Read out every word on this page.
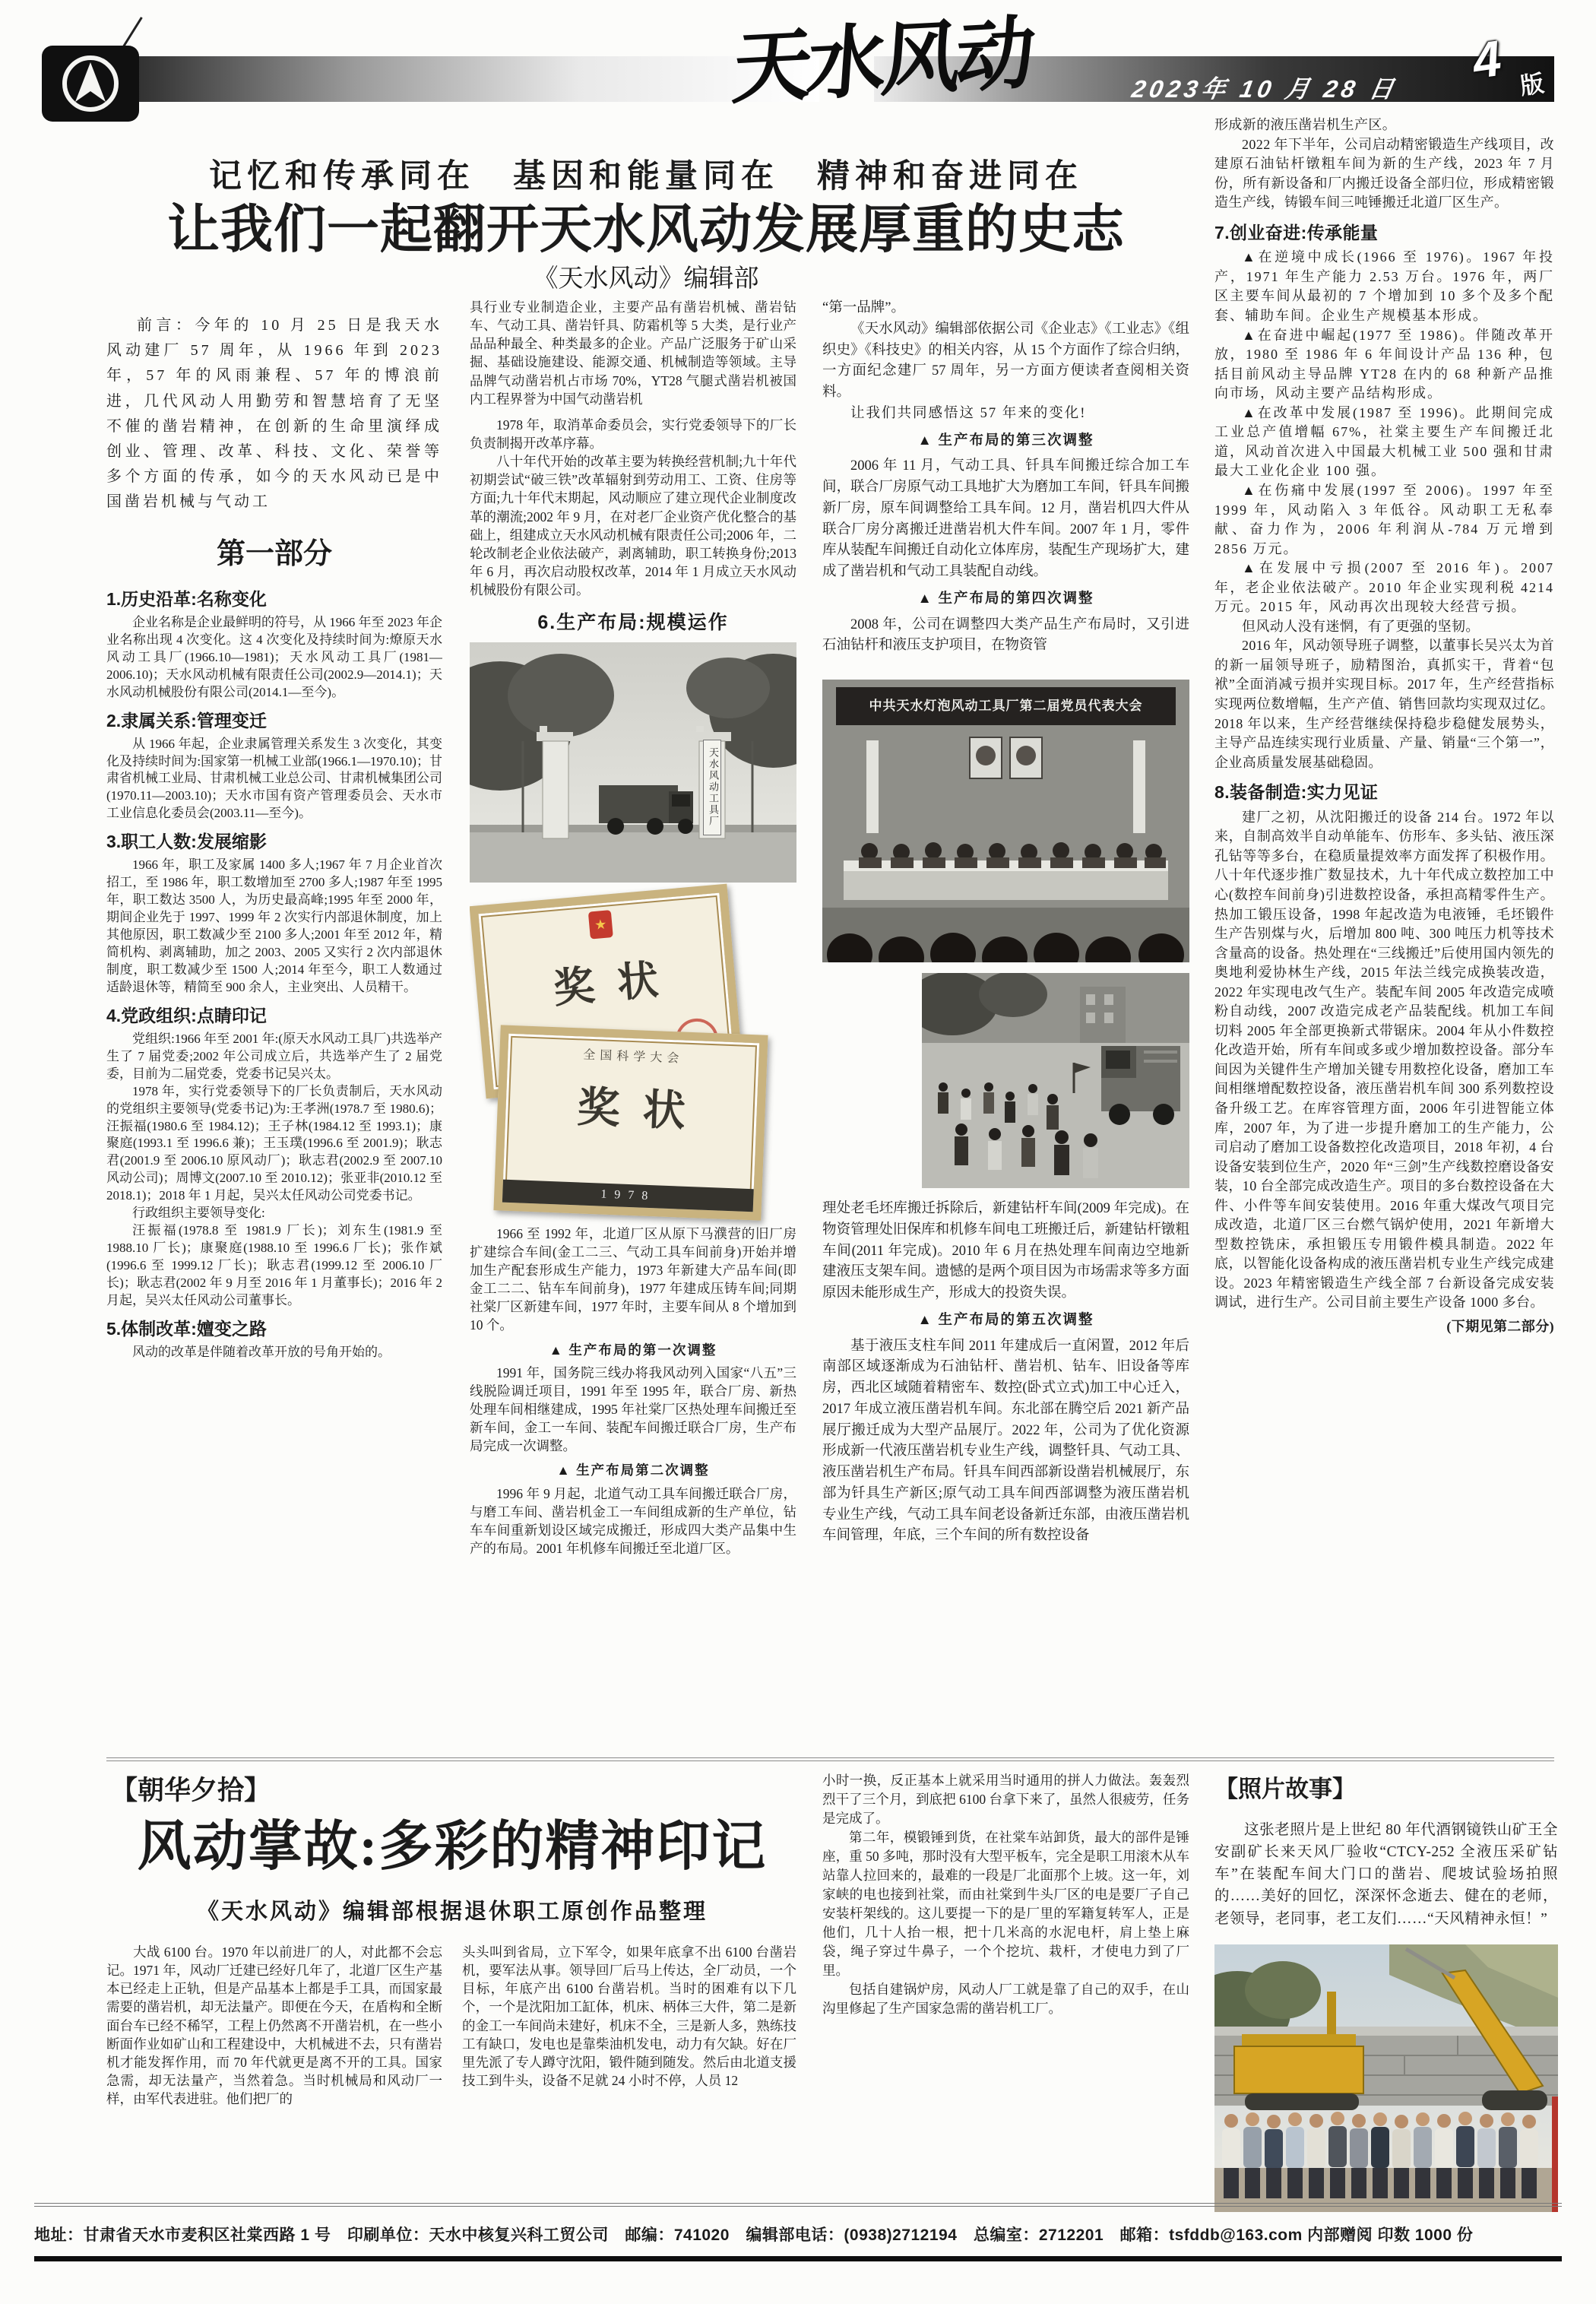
天水风动	2023年 10 月 28 日	4 版
记忆和传承同在　基因和能量同在　精神和奋进同在
让我们一起翻开天水风动发展厚重的史志
《天水风动》编辑部

前言：今年的 10 月 25 日是我天水风动建厂 57 周年，从 1966 年到 2023 年，57 年的风雨兼程、57 年的博浪前进，几代风动人用勤劳和智慧培育了无坚不催的凿岩精神，在创新的生命里演绎成创业、管理、改革、科技、文化、荣誉等多个方面的传承，如今的天水风动已是中国凿岩机械与气动工

第一部分
1.历史沿革:名称变化

企业名称是企业最鲜明的符号，从 1966 年至 2023 年企业名称出现 4 次变化。这 4 次变化及持续时间为:燎原天水风动工具厂(1966.10—1981)；天水风动工具厂(1981—2006.10)；天水风动机械有限责任公司(2002.9—2014.1)；天水风动机械股份有限公司(2014.1—至今)。

2.隶属关系:管理变迁

从 1966 年起，企业隶属管理关系发生 3 次变化，其变化及持续时间为:国家第一机械工业部(1966.1—1970.10)；甘肃省机械工业局、甘肃机械工业总公司、甘肃机械集团公司(1970.11—2003.10)；天水市国有资产管理委员会、天水市工业信息化委员会(2003.11—至今)。

3.职工人数:发展缩影

1966 年，职工及家属 1400 多人;1967 年 7 月企业首次招工，至 1986 年，职工数增加至 2700 多人;1987 年至 1995 年，职工数达 3500 人，为历史最高峰;1995 年至 2000 年，期间企业先于 1997、1999 年 2 次实行内部退休制度，加上其他原因，职工数减少至 2100 多人;2001 年至 2012 年，精简机构、剥离辅助，加之 2003、2005 又实行 2 次内部退休制度，职工数减少至 1500 人;2014 年至今，职工人数通过适龄退休等，精简至 900 余人，主业突出、人员精干。

4.党政组织:点睛印记

党组织:1966 年至 2001 年:(原天水风动工具厂)共选举产生了 7 届党委;2002 年公司成立后，共选举产生了 2 届党委，目前为二届党委，党委书记吴兴太。

1978 年，实行党委领导下的厂长负责制后，天水风动的党组织主要领导(党委书记)为:王孝洲(1978.7 至 1980.6)；汪振福(1980.6 至 1984.12)；王子林(1984.12 至 1993.1)；康聚庭(1993.1 至 1996.6 兼)；王玉璞(1996.6 至 2001.9)；耿志君(2001.9 至 2006.10 原风动厂)；耿志君(2002.9 至 2007.10 风动公司)；周博文(2007.10 至 2010.12)；张亚非(2010.12 至 2018.1)；2018 年 1 月起，吴兴太任风动公司党委书记。

行政组织主要领导变化:

汪振福(1978.8 至 1981.9 厂长)；刘东生(1981.9 至 1988.10 厂长)；康聚庭(1988.10 至 1996.6 厂长)；张作斌(1996.6 至 1999.12 厂长)；耿志君(1999.12 至 2006.10 厂长)；耿志君(2002 年 9 月至 2016 年 1 月董事长)；2016 年 2 月起，吴兴太任风动公司董事长。

5.体制改革:嬗变之路

风动的改革是伴随着改革开放的号角开始的。

具行业专业制造企业，主要产品有凿岩机械、凿岩钻车、气动工具、凿岩钎具、防霜机等 5 大类，是行业产品品种最全、种类最多的企业。产品广泛服务于矿山采掘、基础设施建设、能源交通、机械制造等领域。主导品牌气动凿岩机占市场 70%，YT28 气腿式凿岩机被国内工程界誉为中国气动凿岩机

1978 年，取消革命委员会，实行党委领导下的厂长负责制揭开改革序幕。

八十年代开始的改革主要为转换经营机制;九十年代初期尝试“破三铁”改革辐射到劳动用工、工资、住房等方面;九十年代末期起，风动顺应了建立现代企业制度改革的潮流;2002 年 9 月，在对老厂企业资产优化整合的基础上，组建成立天水风动机械有限责任公司;2006 年，二轮改制老企业依法破产，剥离辅助，职工转换身份;2013 年 6 月，再次启动股权改革，2014 年 1 月成立天水风动机械股份有限公司。

6.生产布局:规模运作
天水风动工具厂
★
奖状
全国科学大会
奖状
1978

1966 至 1992 年，北道厂区从原下马濮营的旧厂房扩建综合车间(金工二三、气动工具车间前身)开始并增加生产配套形成生产能力，1973 年新建大产品车间(即金工二二、钻车车间前身)，1977 年建成压铸车间;同期社棠厂区新建车间，1977 年时，主要车间从 8 个增加到 10 个。

▲ 生产布局的第一次调整

1991 年，国务院三线办将我风动列入国家“八五”三线脱险调迁项目，1991 年至 1995 年，联合厂房、新热处理车间相继建成，1995 年社棠厂区热处理车间搬迁至新车间，金工一车间、装配车间搬迁联合厂房，生产布局完成一次调整。

▲ 生产布局第二次调整

1996 年 9 月起，北道气动工具车间搬迁联合厂房，与磨工车间、凿岩机金工一车间组成新的生产单位，钻车车间重新划设区域完成搬迁，形成四大类产品集中生产的布局。2001 年机修车间搬迁至北道厂区。

“第一品牌”。

《天水风动》编辑部依据公司《企业志》《工业志》《组织史》《科技史》的相关内容，从 15 个方面作了综合归纳，一方面纪念建厂 57 周年，另一方面方便读者查阅相关资料。

让我们共同感悟这 57 年来的变化!

▲ 生产布局的第三次调整

2006 年 11 月，气动工具、钎具车间搬迁综合加工车间，联合厂房原气动工具地扩大为磨加工车间，钎具车间搬新厂房，原车间调整给工具车间。12 月，凿岩机四大件从联合厂房分离搬迁进凿岩机大件车间。2007 年 1 月，零件库从装配车间搬迁自动化立体库房，装配生产现场扩大，建成了凿岩机和气动工具装配自动线。

▲ 生产布局的第四次调整

2008 年，公司在调整四大类产品生产布局时，又引进石油钻杆和液压支护项目，在物资管

中共天水灯泡风动工具厂第二届党员代表大会

理处老毛坯库搬迁拆除后，新建钻杆车间(2009 年完成)。在物资管理处旧保库和机修车间电工班搬迁后，新建钻杆镦粗车间(2011 年完成)。2010 年 6 月在热处理车间南边空地新建液压支架车间。遗憾的是两个项目因为市场需求等多方面原因未能形成生产，形成大的投资失误。

▲ 生产布局的第五次调整

基于液压支柱车间 2011 年建成后一直闲置，2012 年后南部区域逐渐成为石油钻杆、凿岩机、钻车、旧设备等库房，西北区域随着精密车、数控(卧式立式)加工中心迁入，2017 年成立液压凿岩机车间。东北部在腾空后 2021 新产品展厅搬迁成为大型产品展厅。2022 年，公司为了优化资源形成新一代液压凿岩机专业生产线，调整钎具、气动工具、液压凿岩机生产布局。钎具车间西部新设凿岩机械展厅，东部为钎具生产新区;原气动工具车间西部调整为液压凿岩机专业生产线，气动工具车间老设备新迁东部，由液压凿岩机车间管理，年底，三个车间的所有数控设备

形成新的液压凿岩机生产区。

2022 年下半年，公司启动精密锻造生产线项目，改建原石油钻杆镦粗车间为新的生产线，2023 年 7 月份，所有新设备和厂内搬迁设备全部归位，形成精密锻造生产线，铸锻车间三吨锤搬迁北道厂区生产。

7.创业奋进:传承能量

▲在逆境中成长(1966 至 1976)。1967 年投产，1971 年生产能力 2.53 万台。1976 年，两厂区主要车间从最初的 7 个增加到 10 多个及多个配套、辅助车间。企业生产规模基本形成。

▲在奋进中崛起(1977 至 1986)。伴随改革开放，1980 至 1986 年 6 年间设计产品 136 种，包括目前风动主导品牌 YT28 在内的 68 种新产品推向市场，风动主要产品结构形成。

▲在改革中发展(1987 至 1996)。此期间完成工业总产值增幅 67%，社棠主要生产车间搬迁北道，风动首次进入中国最大机械工业 500 强和甘肃最大工业化企业 100 强。

▲在伤痛中发展(1997 至 2006)。1997 年至 1999 年，风动陷入 3 年低谷。风动职工无私奉献、奋力作为，2006 年利润从-784 万元增到 2856 万元。

▲在发展中亏损(2007 至 2016 年)。2007 年，老企业依法破产。2010 年企业实现利税 4214 万元。2015 年，风动再次出现较大经营亏损。

但风动人没有迷惘，有了更强的坚韧。

2016 年，风动领导班子调整，以董事长吴兴太为首的新一届领导班子，励精图治，真抓实干，背着“包袱”全面消减亏损并实现目标。2017 年，生产经营指标实现两位数增幅，生产产值、销售回款均实现双过亿。2018 年以来，生产经营继续保持稳步稳健发展势头，主导产品连续实现行业质量、产量、销量“三个第一”，企业高质量发展基础稳固。

8.装备制造:实力见证

建厂之初，从沈阳搬迁的设备 214 台。1972 年以来，自制高效半自动单能车、仿形车、多头钻、液压深孔钻等等多台，在稳质量提效率方面发挥了积极作用。八十年代逐步推广数显技术，九十年代成立数控加工中心(数控车间前身)引进数控设备，承担高精零件生产。热加工锻压设备，1998 年起改造为电液锤，毛坯锻件生产告别煤与火，后增加 800 吨、300 吨压力机等技术含量高的设备。热处理在“三线搬迁”后使用国内领先的奥地利爱协林生产线，2015 年法兰线完成换装改造，2022 年实现电改气生产。装配车间 2005 年改造完成喷粉自动线，2007 改造完成老产品装配线。机加工车间切料 2005 年全部更换新式带锯床。2004 年从小件数控化改造开始，所有车间或多或少增加数控设备。部分车间因为关键件生产增加关键专用数控化设备，磨加工车间相继增配数控设备，液压凿岩机车间 300 系列数控设备升级工艺。在库容管理方面，2006 年引进智能立体库，2007 年，为了进一步提升磨加工的生产能力，公司启动了磨加工设备数控化改造项目，2018 年初，4 台设备安装到位生产，2020 年“三剑”生产线数控磨设备安装，10 台全部完成改造生产。项目的多台数控设备在大件、小件等车间安装使用。2016 年重大煤改气项目完成改造，北道厂区三台燃气锅炉使用，2021 年新增大型数控铣床，承担锻压专用锻件模具制造。2022 年底，以智能化设备构成的液压凿岩机专业生产线完成建设。2023 年精密锻造生产线全部 7 台新设备完成安装调试，进行生产。公司目前主要生产设备 1000 多台。

(下期见第二部分)
【朝华夕拾】
风动掌故:多彩的精神印记
《天水风动》编辑部根据退休职工原创作品整理

大战 6100 台。1970 年以前进厂的人，对此都不会忘记。1971 年，风动厂迁建已经好几年了，北道厂区生产基本已经走上正轨，但是产品基本上都是手工具，而国家最需要的凿岩机，却无法量产。即便在今天，在盾构和全断面台车已经不稀罕，工程上仍然离不开凿岩机，在一些小断面作业如矿山和工程建设中，大机械进不去，只有凿岩机才能发挥作用，而 70 年代就更是离不开的工具。国家急需，却无法量产，当然着急。当时机械局和风动厂一样，由军代表进驻。他们把厂的

头头叫到省局，立下军令，如果年底拿不出 6100 台凿岩机，要军法从事。领导回厂后马上传达，全厂动员，一个目标，年底产出 6100 台凿岩机。当时的困难有以下几个，一个是沈阳加工缸体，机床、柄体三大件，第二是新的金工一车间尚未建好，机床不全，三是新人多，熟练技工有缺口，发电也是靠柴油机发电，动力有欠缺。好在厂里先派了专人蹲守沈阳，锻件随到随发。然后由北道支援技工到牛头，设备不足就 24 小时不停，人员 12

小时一换，反正基本上就采用当时通用的拼人力做法。轰轰烈烈干了三个月，到底把 6100 台拿下来了，虽然人很疲劳，任务是完成了。

第二年，模锻锤到货，在社棠车站卸货，最大的部件是锤座，重 50 多吨，那时没有大型平板车，完全是职工用滚木从车站靠人拉回来的，最难的一段是厂北面那个上坡。这一年，刘家峡的电也接到社棠，而由社棠到牛头厂区的电是要厂子自己安装杆架线的。这儿要提一下的是厂里的军籍复转军人，正是他们，几十人抬一根，把十几米高的水泥电杆，肩上垫上麻袋，绳子穿过牛鼻子，一个个挖坑、栽杆，才使电力到了厂里。

包括自建锅炉房，风动人厂工就是靠了自己的双手，在山沟里修起了生产国家急需的凿岩机工厂。

【照片故事】

这张老照片是上世纪 80 年代酒钢镜铁山矿王全安副矿长来天风厂验收“CTCY-252 全液压采矿钻车”在装配车间大门口的凿岩、爬坡试验场拍照的……美好的回忆，深深怀念逝去、健在的老师，老领导，老同事，老工友们……“天风精神永恒！”

地址：甘肃省天水市麦积区社棠西路 1 号　印刷单位：天水中核复兴科工贸公司　邮编：741020　编辑部电话：(0938)2712194　总编室：2712201　邮箱：tsfddb@163.com 内部赠阅 印数 1000 份
